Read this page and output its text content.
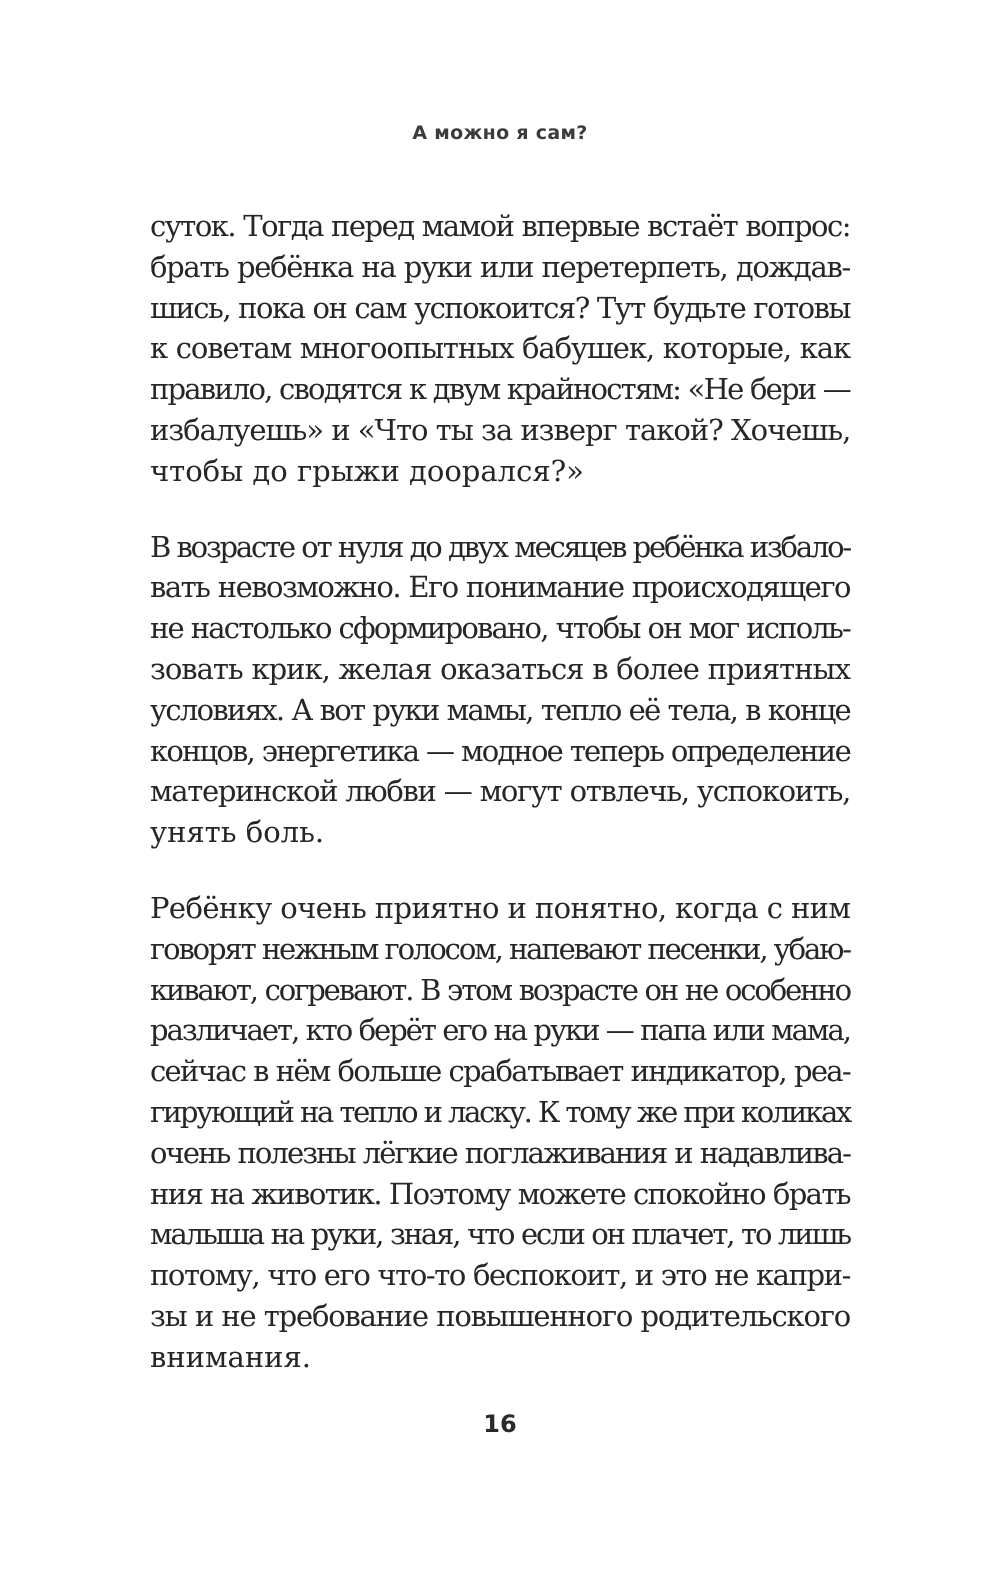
А можно я сам?

суток. Тогда перед мамой впервые встаёт вопрос:
брать ребёнка на руки или перетерпеть, дождав-
шись, пока он сам успокоится? Тут будьте готовы
к советам многоопытных бабушек, которые, как
правило, сводятся к двум крайностям: «Не бери —
избалуешь» и «Что ты за изверг такой? Хочешь,
чтобы до грыжи доорался?»

В возрасте от нуля до двух месяцев ребёнка избало-
вать невозможно. Его понимание происходящего
не настолько сформировано, чтобы он мог исполь-
зовать крик, желая оказаться в более приятных
условиях. А вот руки мамы, тепло её тела, в конце
концов, энергетика — модное теперь определение
материнской любви — могут отвлечь, успокоить,
унять боль.

Ребёнку очень приятно и понятно, когда с ним
говорят нежным голосом, напевают песенки, убаю-
кивают, согревают. В этом возрасте он не особенно
различает, кто берёт его на руки — папа или мама,
сейчас в нём больше срабатывает индикатор, реа-
гирующий на тепло и ласку. К тому же при коликах
очень полезны лёгкие поглаживания и надавлива-
ния на животик. Поэтому можете спокойно брать
малыша на руки, зная, что если он плачет, то лишь
потому, что его что-то беспокоит, и это не капри-
зы и не требование повышенного родительского
внимания.

16
